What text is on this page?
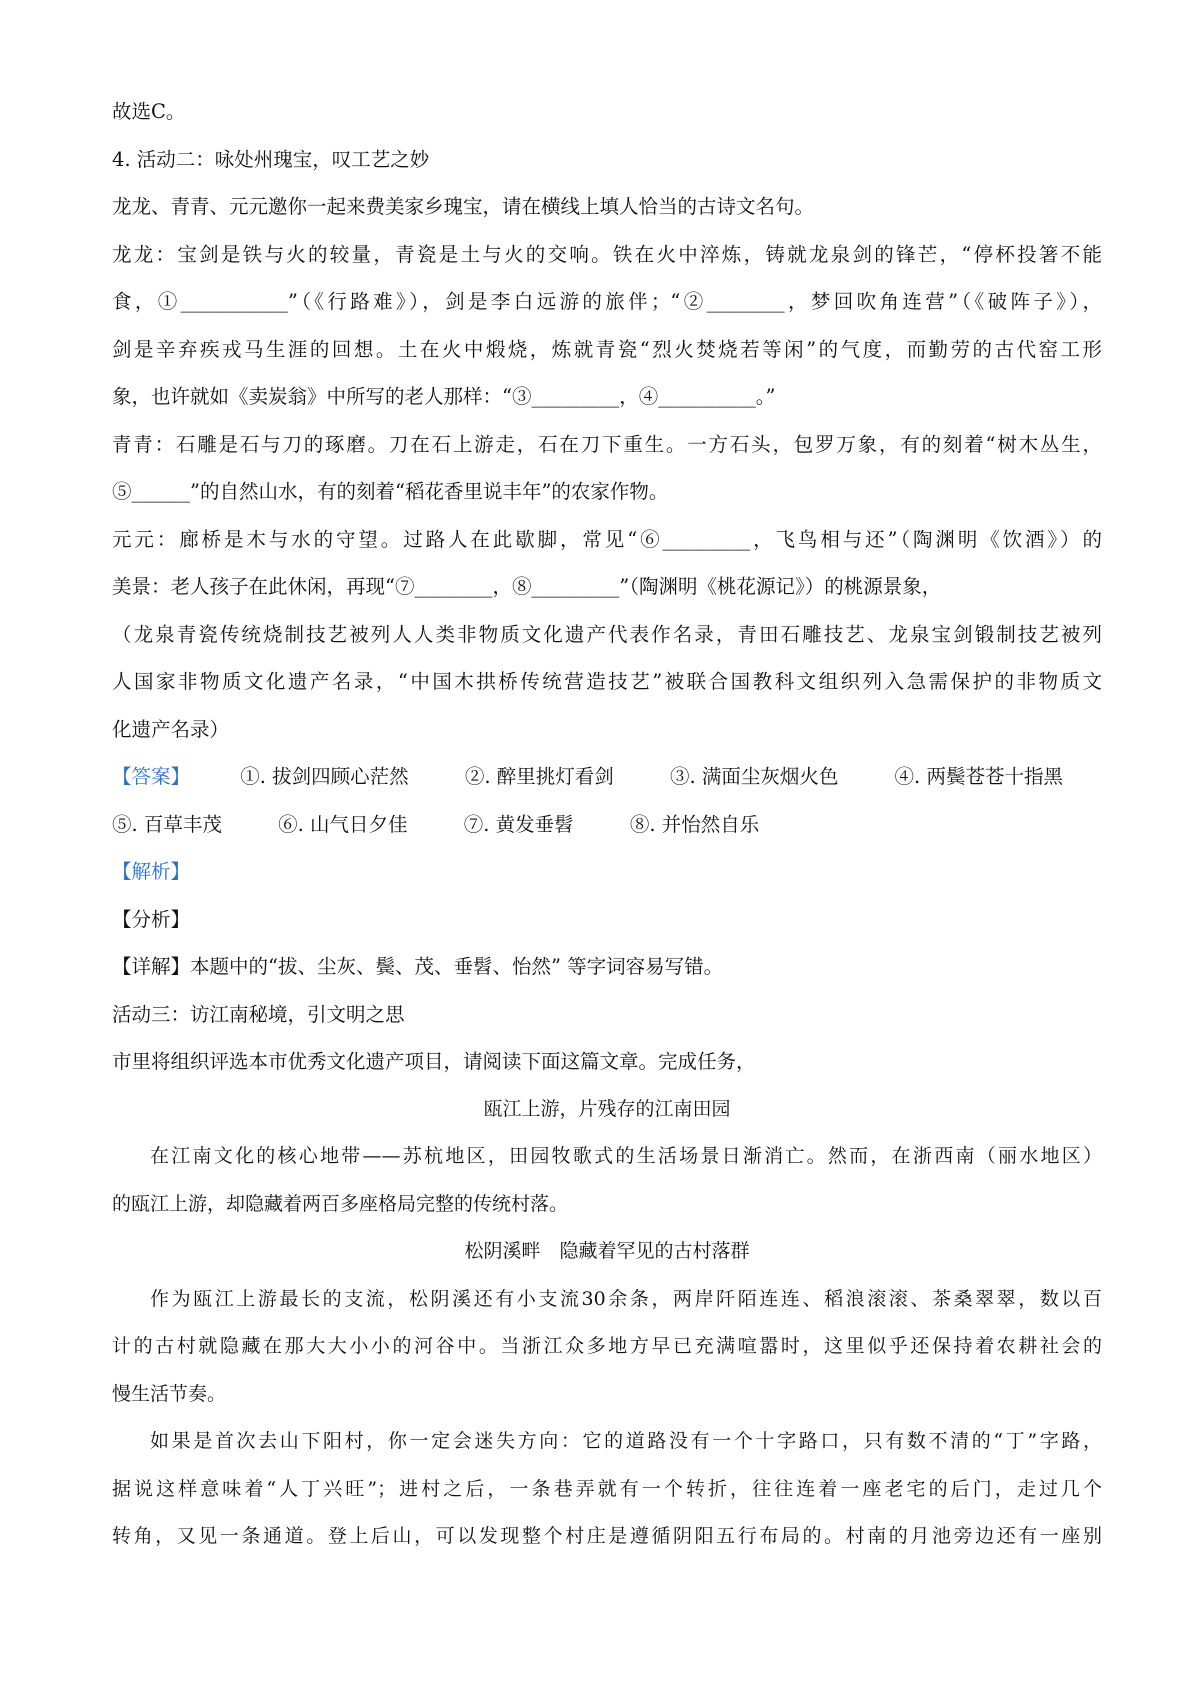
故选C。
4. 活动二：咏处州瑰宝，叹工艺之妙
龙龙、青青、元元邀你一起来费美家乡瑰宝，请在横线上填人恰当的古诗文名句。
龙龙：宝剑是铁与火的较量，青瓷是土与火的交响。铁在火中淬炼，铸就龙泉剑的锋芒，“停杯投箸不能
食，①___________”（《行路难》），剑是李白远游的旅伴；“②________，梦回吹角连营”（《破阵子》），
剑是辛弃疾戎马生涯的回想。土在火中煅烧，炼就青瓷“烈火焚烧若等闲”的气度，而勤劳的古代窑工形
象，也许就如《卖炭翁》中所写的老人那样：“③_________，④__________。”
青青：石雕是石与刀的琢磨。刀在石上游走，石在刀下重生。一方石头，包罗万象，有的刻着“树木丛生，
⑤______”的自然山水，有的刻着“稻花香里说丰年”的农家作物。
元元：廊桥是木与水的守望。过路人在此歇脚，常见“⑥_________，飞鸟相与还”（陶渊明《饮酒》）的
美景：老人孩子在此休闲，再现“⑦________，⑧_________”（陶渊明《桃花源记》）的桃源景象，
（龙泉青瓷传统烧制技艺被列人人类非物质文化遗产代表作名录，青田石雕技艺、龙泉宝剑锻制技艺被列
人国家非物质文化遗产名录，“中国木拱桥传统营造技艺”被联合国教科文组织列入急需保护的非物质文
化遗产名录）
【答案】	①. 拔剑四顾心茫然	②. 醉里挑灯看剑	③. 满面尘灰烟火色	④. 两鬓苍苍十指黑
⑤. 百草丰茂	⑥. 山气日夕佳	⑦. 黄发垂髫	⑧. 并怡然自乐
【解析】
【分析】
【详解】本题中的“拔、尘灰、鬓、茂、垂髫、怡然” 等字词容易写错。
活动三：访江南秘境，引文明之思
市里将组织评选本市优秀文化遗产项目，请阅读下面这篇文章。完成任务，
瓯江上游，片残存的江南田园
在江南文化的核心地带——苏杭地区，田园牧歌式的生活场景日渐消亡。然而，在浙西南（丽水地区）
的瓯江上游，却隐藏着两百多座格局完整的传统村落。
松阴溪畔　隐藏着罕见的古村落群
作为瓯江上游最长的支流，松阴溪还有小支流30余条，两岸阡陌连连、稻浪滚滚、茶桑翠翠，数以百
计的古村就隐藏在那大大小小的河谷中。当浙江众多地方早已充满喧嚣时，这里似乎还保持着农耕社会的
慢生活节奏。
如果是首次去山下阳村，你一定会迷失方向：它的道路没有一个十字路口，只有数不清的“丁”字路，
据说这样意味着“人丁兴旺”；进村之后，一条巷弄就有一个转折，往往连着一座老宅的后门，走过几个
转角，又见一条通道。登上后山，可以发现整个村庄是遵循阴阳五行布局的。村南的月池旁边还有一座别
